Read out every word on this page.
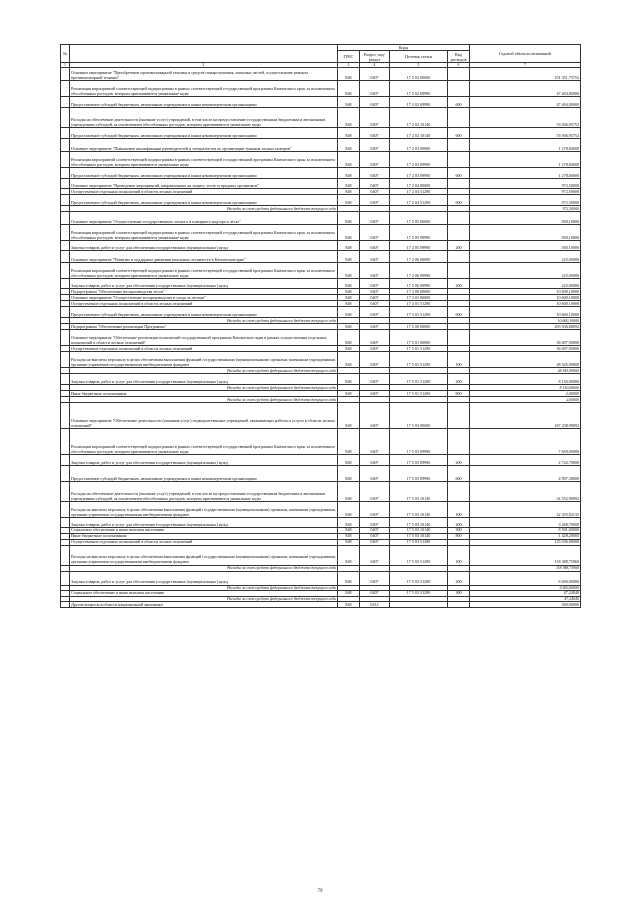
№		Коды				Годовой объем ассигнований
		ГРБС	Раздел, под-раздел	Целевая статья	Вид расходов	
1	2	3	4	5	6	7
	Основное мероприятие "Приобретение противопожарной техники и средств пожаротушения, запасных частей, осуществление ремонта противопожарной техники"	848	0407	17 2 02 00000		101 351,75752
	Реализация мероприятий соответствующей подпрограммы в рамках соответствующей государственной программы Камчатского края, за исключением обособленных расходов, которым присваиваются уникальные коды	848	0407	17 2 02 09990		47 404,80000
	Предоставление субсидий бюджетным, автономным учреждениям и иным некоммерческим организациям	848	0407	17 2 02 09990	600	47 404,80000
	Расходы на обеспечение деятельности (оказание услуг) учреждений, в том числе на предоставление государственным бюджетным и автономным учреждениям субсидий, за исключением обособленных расходов, которым присваиваются уникальные коды	848	0407	17 2 02 10140		53 946,95752
	Предоставление субсидий бюджетным, автономным учреждениям и иным некоммерческим организациям	848	0407	17 2 02 10140	600	53 946,95752
	Основное мероприятие "Повышение квалификации руководителей и специалистов по организации тушения лесных пожаров"	848	0407	17 2 03 00000		1 278,60000
	Реализация мероприятий соответствующей подпрограммы в рамках соответствующей государственной программы Камчатского края, за исключением обособленных расходов, которым присваиваются уникальные коды	848	0407	17 2 03 09990		1 278,60000
	Предоставление субсидий бюджетным, автономным учреждениям и иным некоммерческим организациям	848	0407	17 2 03 09990	600	1 278,60000
	Основное мероприятие "Проведение мероприятий, направленных на защиту лесов от вредных организмов"	848	0407	17 2 04 00000		972,50000
	Осуществление отдельных полномочий в области лесных отношений	848	0407	17 2 04 51290		972,50000
	Предоставление субсидий бюджетным, автономным учреждениям и иным некоммерческим организациям	848	0407	17 2 04 51290	600	972,50000
	Расходы за счет средств федерального бюджета текущего года					972,50000
	Основное мероприятие "Осуществление государственного лесного и пожарного надзора в лесах"	848	0407	17 2 05 00000		500,10000
	Реализация мероприятий соответствующей подпрограммы в рамках соответствующей государственной программы Камчатского края, за исключением обособленных расходов, которым присваиваются уникальные коды	848	0407	17 2 05 09990		500,10000
	Закупка товаров, работ и услуг для обеспечения государственных (муниципальных) нужд	848	0407	17 2 05 09990	200	500,10000
	Основное мероприятие "Развитие и поддержка движения школьных лесничеств в Камчатском крае"	848	0407	17 2 06 00000		225,00000
	Реализация мероприятий соответствующей подпрограммы в рамках соответствующей государственной программы Камчатского края, за исключением обособленных расходов, которым присваиваются уникальные коды	848	0407	17 2 06 09990		225,00000
	Закупка товаров, работ и услуг для обеспечения государственных (муниципальных) нужд	848	0407	17 2 06 09990	200	225,00000
	Подпрограмма "Обеспечение воспроизводства лесов"	848	0407	17 3 00 00000		10 600,10000
	Основное мероприятие "Осуществление воспроизводства и ухода за лесами"	848	0407	17 3 01 00000		10 600,10000
	Осуществление отдельных полномочий в области лесных отношений	848	0407	17 3 01 51290		10 600,10000
	Предоставление субсидий бюджетным, автономным учреждениям и иным некоммерческим организациям	848	0407	17 3 01 51290	600	10 600,10000
	Расходы за счет средств федерального бюджета текущего года					10 600,10000
	Подпрограмма "Обеспечение реализации Программы"	848	0407	17 5 00 00000		205 936,88092
	Основное мероприятие "Обеспечение реализации полномочий государственной программы Камчатского края в рамках осуществления отдельных полномочий в области лесных отношений"	848	0407	17 5 01 00000		36 697,90000
	Осуществление отдельных полномочий в области лесных отношений	848	0407	17 5 01 51290		36 697,90000
	Расходы на выплаты персоналу в целях обеспечения выполнения функций государственными (муниципальными) органами, казенными учреждениями, органами управления государственными внебюджетными фондами	848	0407	17 5 01 51290	100	28 545,90000
	Расходы за счет средств федерального бюджета текущего года					28 545,90000
	Закупка товаров, работ и услуг для обеспечения государственных (муниципальных) нужд	848	0407	17 5 01 51290	200	8 150,00000
	Расходы за счет средств федерального бюджета текущего года					8 150,00000
	Иные бюджетные ассигнования	848	0407	17 5 01 51290	800	2,00000
	Расходы за счет средств федерального бюджета текущего года					2,00000
	Основное мероприятие "Обеспечение деятельности (оказания услуг) подведомственных учреждений, оказывающих работы и услуги в области лесных отношений"	848	0407	17 5 03 00000		167 238,98092
	Реализация мероприятий соответствующей подпрограммы в рамках соответствующей государственной программы Камчатского края, за исключением обособленных расходов, которым присваиваются уникальные коды	848	0407	17 5 03 09990		7 650,00000
	Закупка товаров, работ и услуг для обеспечения государственных (муниципальных) нужд	848	0407	17 5 03 09990	200	2 742,70000
	Предоставление субсидий бюджетным, автономным учреждениям и иным некоммерческим организациям	848	0407	17 5 03 09990	600	4 907,30000
	Расходы на обеспечение деятельности (оказание услуг) учреждений, в том числе на предоставление государственным бюджетным и автономным учреждениям субсидий, за исключением обособленных расходов, которым присваиваются уникальные коды	848	0407	17 5 03 10140		34 552,90092
	Расходы на выплаты персоналу в целях обеспечения выполнения функций государственными (муниципальными) органами, казенными учреждениями, органами управления государственными внебюджетными фондами	848	0407	17 5 03 10140	100	22 355,02135
	Закупка товаров, работ и услуг для обеспечения государственных (муниципальных) нужд	848	0407	17 5 03 10140	200	3 268,70000
	Социальное обеспечение и иные выплаты населению	848	0407	17 5 03 10140	300	8 501,00000
	Иные бюджетные ассигнования	848	0407	17 5 03 10140	800	1 428,20685
	Осуществление отдельных полномочий в области лесных отношений	848	0407	17 5 03 51290		125 036,08000
	Расходы на выплаты персоналу в целях обеспечения выполнения функций государственными (муниципальными) органами, казенными учреждениями, органами управления государственными внебюджетными фондами	848	0407	17 5 03 51290	100	118 388,75960
	Расходы за счет средств федерального бюджета текущего года					118 388,75960
	Закупка товаров, работ и услуг для обеспечения государственных (муниципальных) нужд	848	0407	17 5 03 51290	200	6 600,00000
	Расходы за счет средств федерального бюджета текущего года					6 600,00000
	Социальное обеспечение и иные выплаты населению	848	0407	17 5 03 51290	300	47,24040
	Расходы за счет средств федерального бюджета текущего года					47,24040
	Другие вопросы в области национальной экономики	848	0412			560,00000
79
